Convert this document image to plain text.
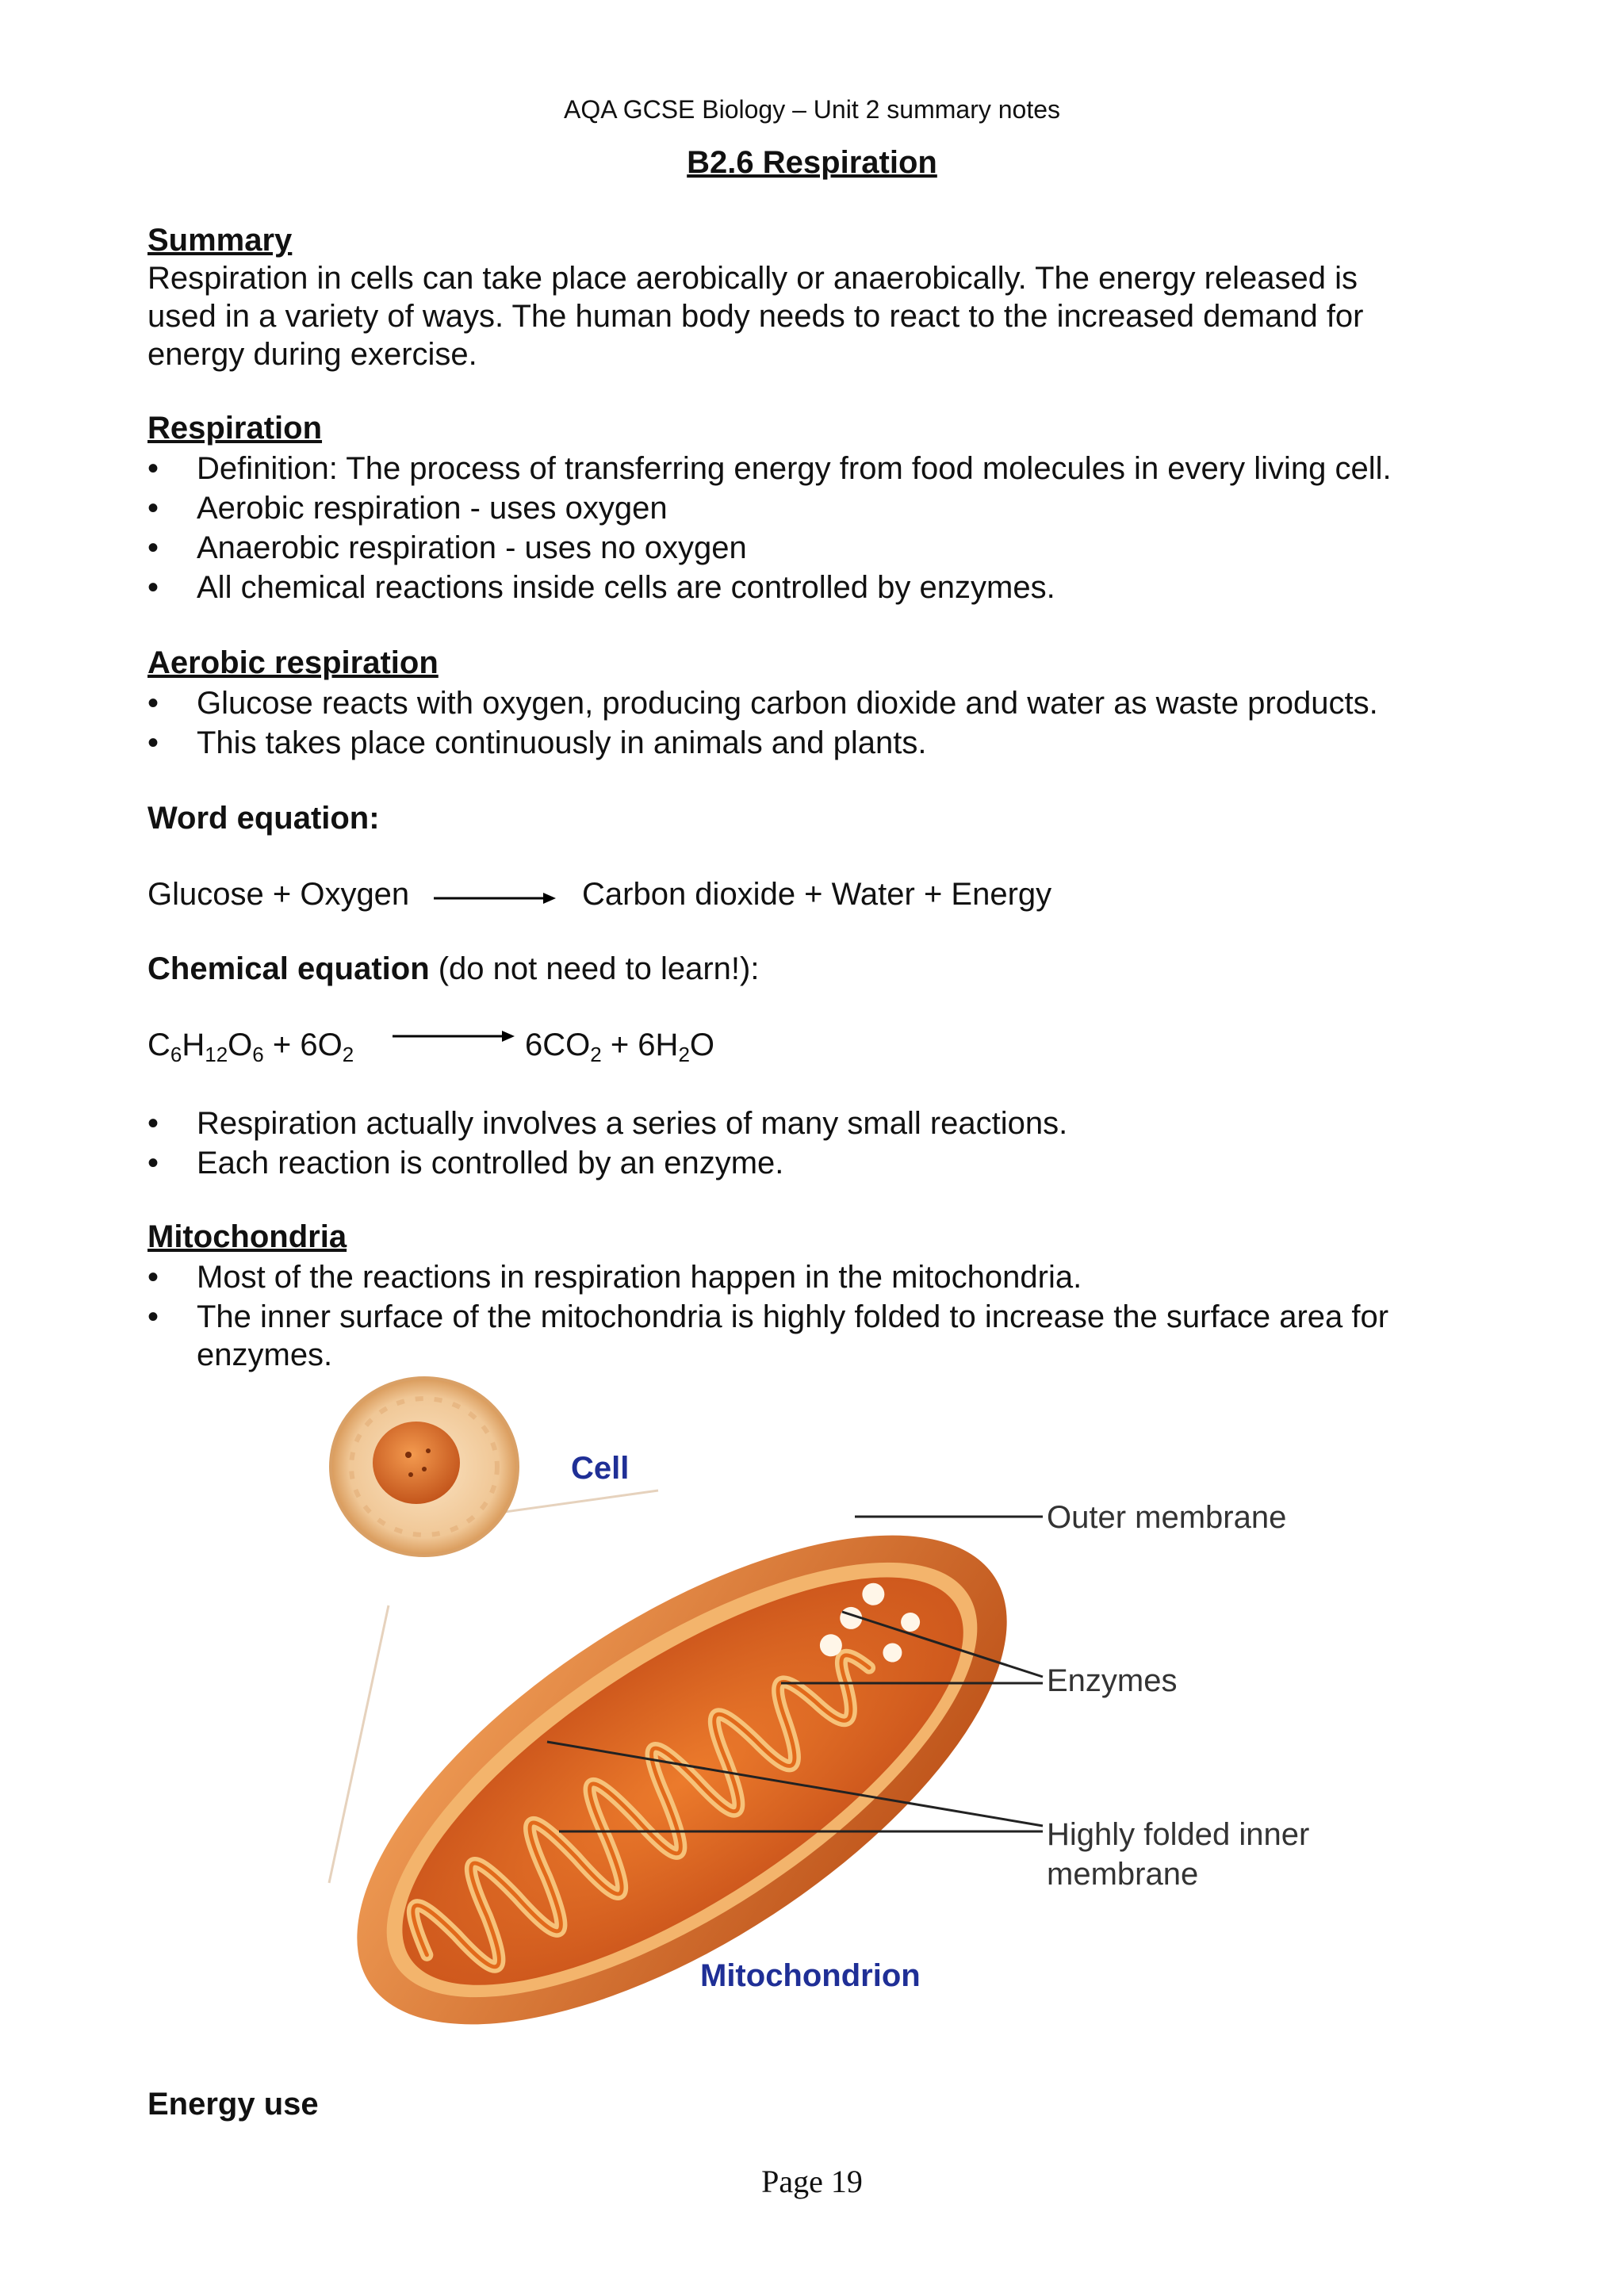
AQA GCSE Biology – Unit 2 summary notes
B2.6 Respiration
Summary
Respiration in cells can take place aerobically or anaerobically. The energy released is
used in a variety of ways. The human body needs to react to the increased demand for
energy during exercise.
Respiration
•	Definition: The process of transferring energy from food molecules in every living cell.
•	Aerobic respiration - uses oxygen
•	Anaerobic respiration - uses no oxygen
•	All chemical reactions inside cells are controlled by enzymes.
Aerobic respiration
•	Glucose reacts with oxygen, producing carbon dioxide and water as waste products.
•	This takes place continuously in animals and plants.
Word equation:
Glucose + Oxygen	Carbon dioxide + Water + Energy
Chemical equation (do not need to learn!):
$C_6H_{12}O_6 + 6O_2$	$6CO_2 + 6H_2O$
•	Respiration actually involves a series of many small reactions.
•	Each reaction is controlled by an enzyme.
Mitochondria
•	Most of the reactions in respiration happen in the mitochondria.
•	The inner surface of the mitochondria is highly folded to increase the surface area for enzymes.
Cell
Outer membrane
Enzymes
Highly folded inner
membrane
Mitochondrion
Energy use
Page 19
